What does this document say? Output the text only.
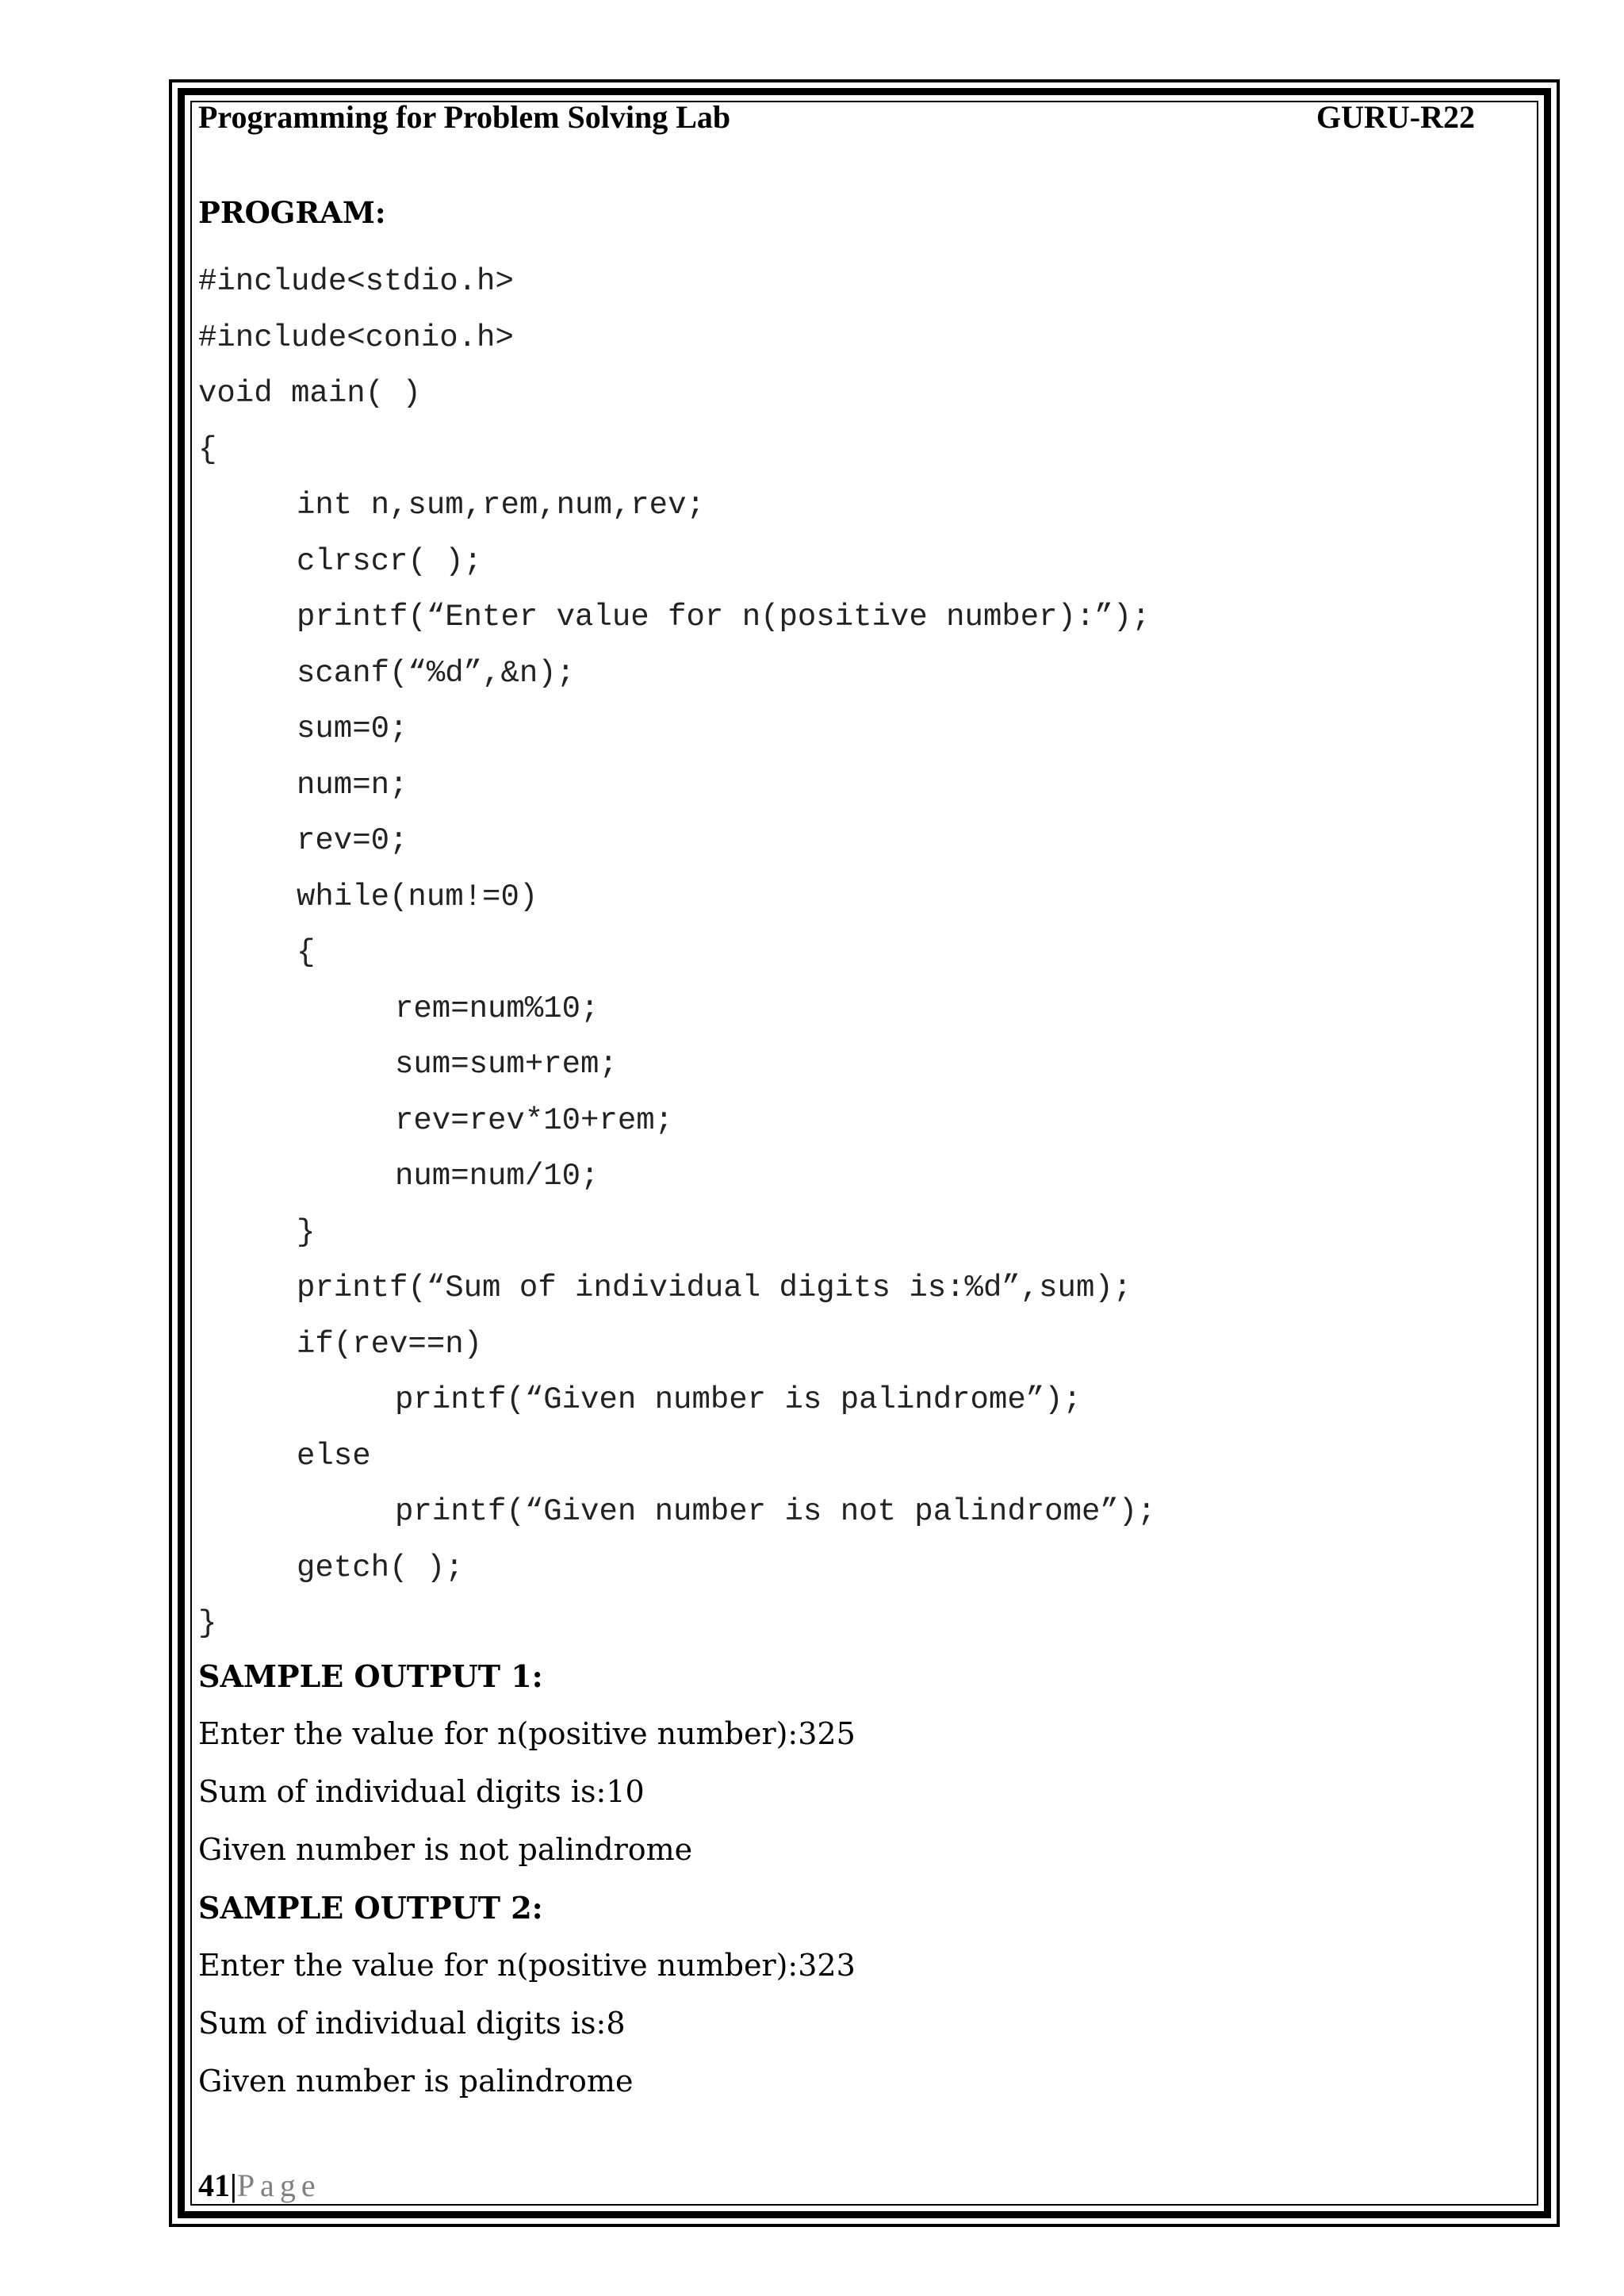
Programming for Problem Solving Lab	GURU-R22
PROGRAM:
#include<stdio.h>
#include<conio.h>
void main( )
{
int n,sum,rem,num,rev;
clrscr( );
printf(“Enter value for n(positive number):”);
scanf(“%d”,&n);
sum=0;
num=n;
rev=0;
while(num!=0)
{
rem=num%10;
sum=sum+rem;
rev=rev*10+rem;
num=num/10;
}
printf(“Sum of individual digits is:%d”,sum);
if(rev==n)
printf(“Given number is palindrome”);
else
printf(“Given number is not palindrome”);
getch( );
}
SAMPLE OUTPUT 1:
Enter the value for n(positive number):325
Sum of individual digits is:10
Given number is not palindrome
SAMPLE OUTPUT 2:
Enter the value for n(positive number):323
Sum of individual digits is:8
Given number is palindrome
41|Page
